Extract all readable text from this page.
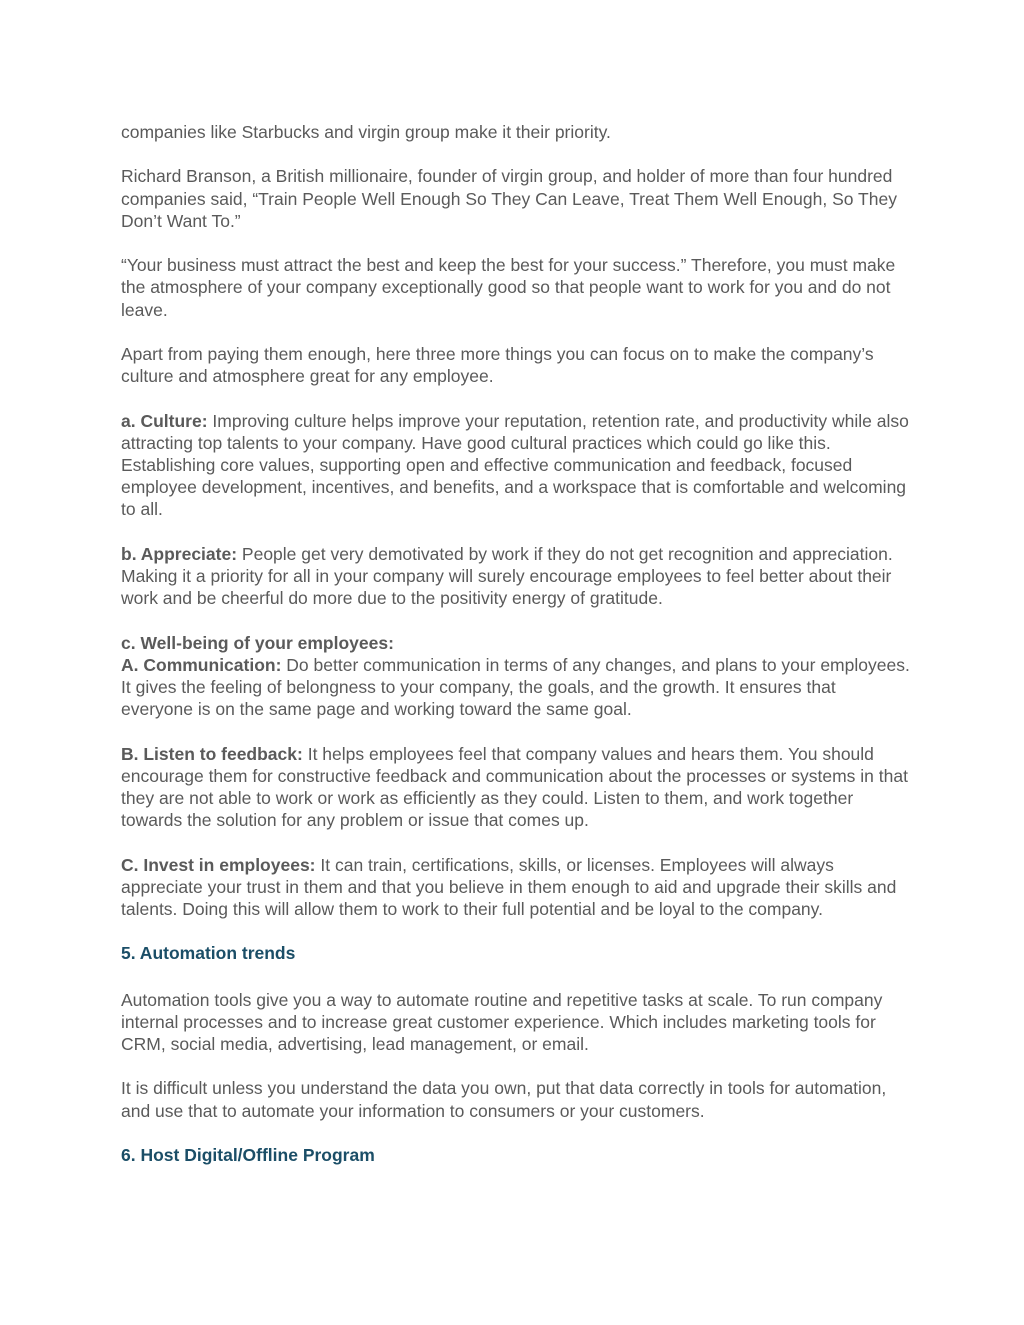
companies like Starbucks and virgin group make it their priority.

Richard Branson, a British millionaire, founder of virgin group, and holder of more than four hundred companies said, “Train People Well Enough So They Can Leave, Treat Them Well Enough, So They Don’t Want To.”

“Your business must attract the best and keep the best for your success.” Therefore, you must make the atmosphere of your company exceptionally good so that people want to work for you and do not leave.

Apart from paying them enough, here three more things you can focus on to make the company’s culture and atmosphere great for any employee.

a. Culture: Improving culture helps improve your reputation, retention rate, and productivity while also attracting top talents to your company. Have good cultural practices which could go like this. Establishing core values, supporting open and effective communication and feedback, focused employee development, incentives, and benefits, and a workspace that is comfortable and welcoming to all.

b. Appreciate: People get very demotivated by work if they do not get recognition and appreciation. Making it a priority for all in your company will surely encourage employees to feel better about their work and be cheerful do more due to the positivity energy of gratitude.

c. Well-being of your employees:

A. Communication: Do better communication in terms of any changes, and plans to your employees. It gives the feeling of belongness to your company, the goals, and the growth. It ensures that everyone is on the same page and working toward the same goal.

B. Listen to feedback: It helps employees feel that company values and hears them. You should encourage them for constructive feedback and communication about the processes or systems in that they are not able to work or work as efficiently as they could. Listen to them, and work together towards the solution for any problem or issue that comes up.

C. Invest in employees: It can train, certifications, skills, or licenses. Employees will always appreciate your trust in them and that you believe in them enough to aid and upgrade their skills and talents. Doing this will allow them to work to their full potential and be loyal to the company.

5. Automation trends

Automation tools give you a way to automate routine and repetitive tasks at scale. To run company internal processes and to increase great customer experience. Which includes marketing tools for CRM, social media, advertising, lead management, or email.

It is difficult unless you understand the data you own, put that data correctly in tools for automation, and use that to automate your information to consumers or your customers.

6. Host Digital/Offline Program
